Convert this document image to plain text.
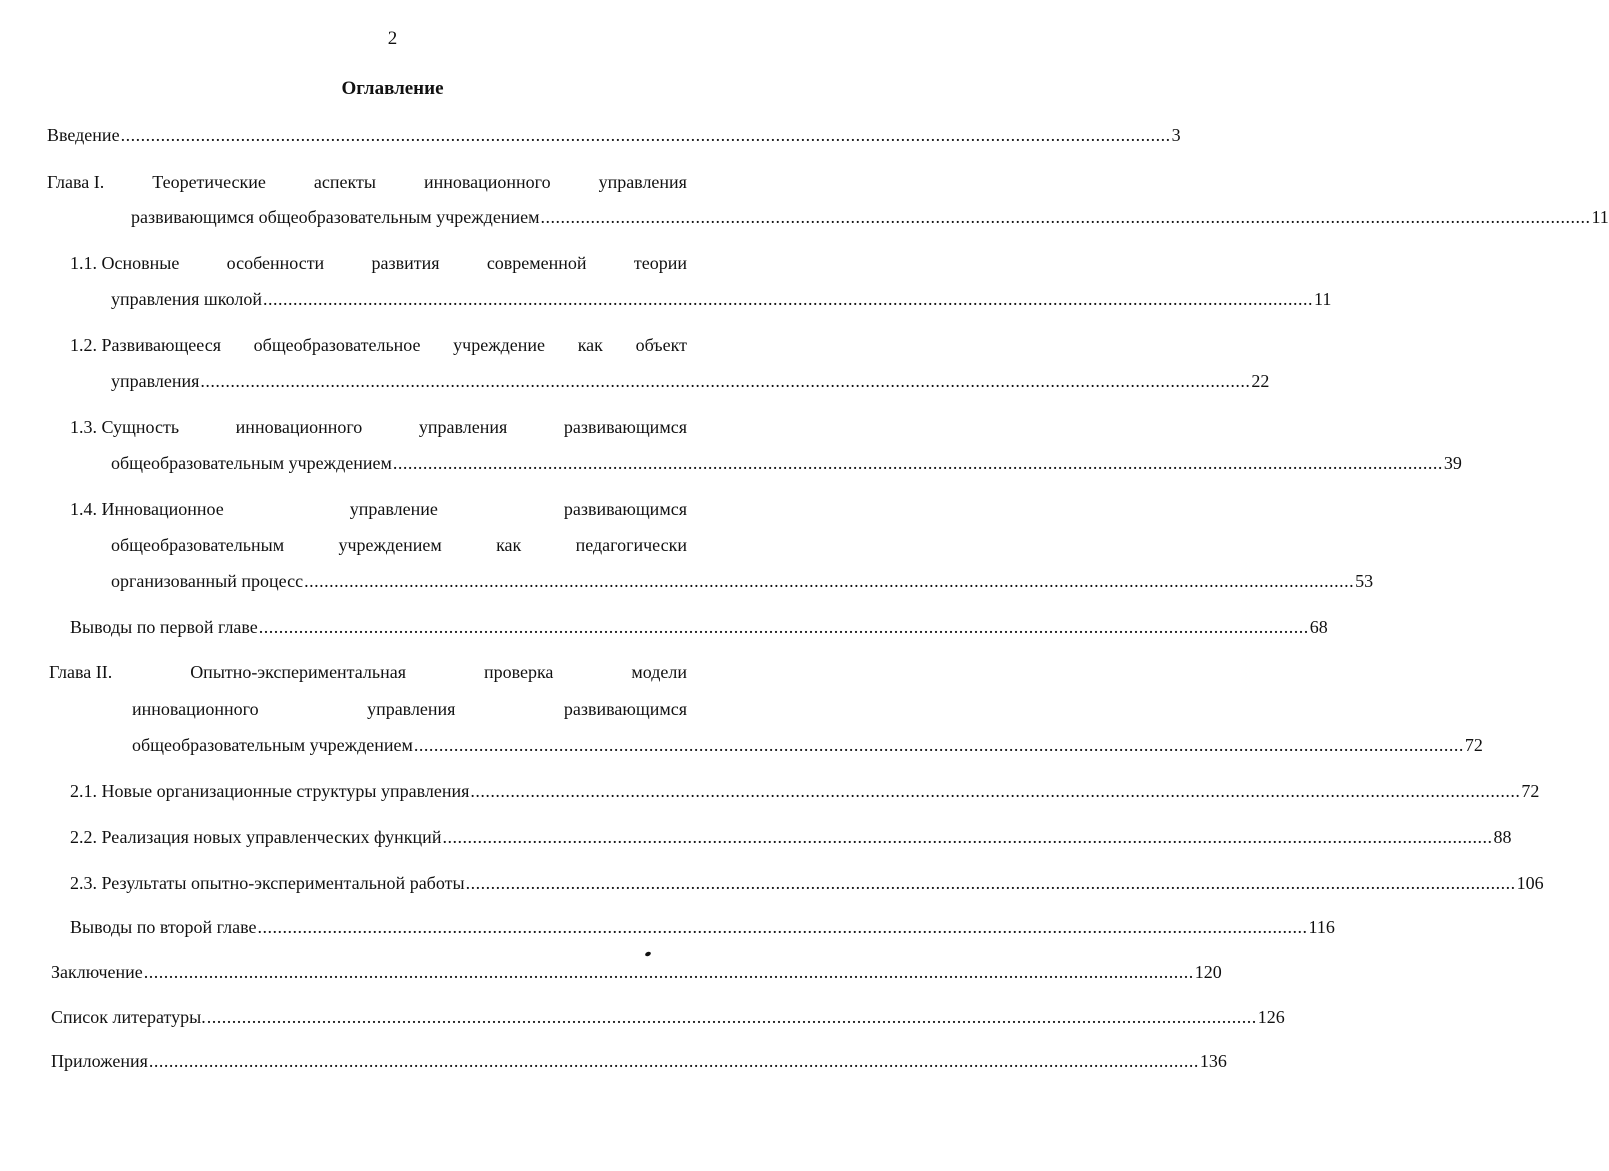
2
Оглавление
Введение .................................................................................................................................................................................................................. 3
Глава I.	Теоретические	аспекты	инновационного	управления
развивающимся общеобразовательным учреждением .................................................................................................................................................................................................................. 11
1.1. Основные	особенности	развития	современной	теории
управления школой .................................................................................................................................................................................................................. 11
1.2. Развивающееся общеобразовательное учреждение как объект
управления .................................................................................................................................................................................................................. 22
1.3. Сущность	инновационного	управления	развивающимся
общеобразовательным учреждением .................................................................................................................................................................................................................. 39
1.4. Инновационное	управление	развивающимся
общеобразовательным	учреждением	как	педагогически
организованный процесс .................................................................................................................................................................................................................. 53
Выводы по первой главе .................................................................................................................................................................................................................. 68
Глава II.	Опытно-экспериментальная	проверка	модели
инновационного	управления	развивающимся
общеобразовательным учреждением .................................................................................................................................................................................................................. 72
2.1. Новые организационные структуры управления .................................................................................................................................................................................................................. 72
2.2. Реализация новых управленческих функций .................................................................................................................................................................................................................. 88
2.3. Результаты опытно-экспериментальной работы .................................................................................................................................................................................................................. 106
Выводы по второй главе .................................................................................................................................................................................................................. 116
Заключение .................................................................................................................................................................................................................. 120
Список литературы. .................................................................................................................................................................................................................. 126
Приложения .................................................................................................................................................................................................................. 136
